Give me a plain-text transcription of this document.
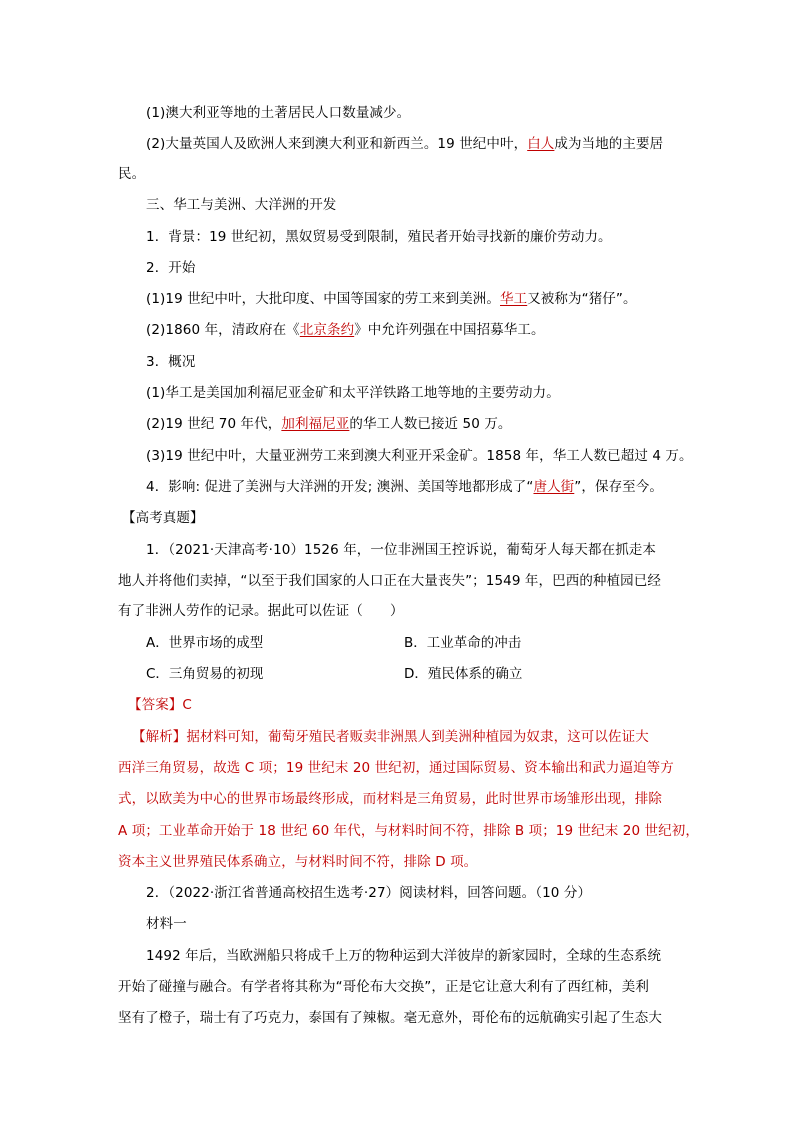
(1)澳大利亚等地的土著居民人口数量减少。
(2)大量英国人及欧洲人来到澳大利亚和新西兰。19 世纪中叶，白人成为当地的主要居
民。
三、华工与美洲、大洋洲的开发
1．背景：19 世纪初，黑奴贸易受到限制，殖民者开始寻找新的廉价劳动力。
2．开始
(1)19 世纪中叶，大批印度、中国等国家的劳工来到美洲。华工又被称为“猪仔”。
(2)1860 年，清政府在《北京条约》中允许列强在中国招募华工。
3．概况
(1)华工是美国加利福尼亚金矿和太平洋铁路工地等地的主要劳动力。
(2)19 世纪 70 年代，加利福尼亚的华工人数已接近 50 万。
(3)19 世纪中叶，大量亚洲劳工来到澳大利亚开采金矿。1858 年，华工人数已超过 4 万。
4．影响: 促进了美洲与大洋洲的开发; 澳洲、美国等地都形成了“唐人街”，保存至今。
【高考真题】
1．（2021·天津高考·10）1526 年，一位非洲国王控诉说，葡萄牙人每天都在抓走本
地人并将他们卖掉，“以至于我们国家的人口正在大量丧失”；1549 年，巴西的种植园已经
有了非洲人劳作的记录。据此可以佐证（　　）
A．世界市场的成型	B．工业革命的冲击
C．三角贸易的初现	D．殖民体系的确立
【答案】C
【解析】据材料可知，葡萄牙殖民者贩卖非洲黑人到美洲种植园为奴隶，这可以佐证大
西洋三角贸易，故选 C 项；19 世纪末 20 世纪初，通过国际贸易、资本输出和武力逼迫等方
式，以欧美为中心的世界市场最终形成，而材料是三角贸易，此时世界市场雏形出现，排除
A 项；工业革命开始于 18 世纪 60 年代，与材料时间不符，排除 B 项；19 世纪末 20 世纪初，
资本主义世界殖民体系确立，与材料时间不符，排除 D 项。
2．（2022·浙江省普通高校招生选考·27）阅读材料，回答问题。（10 分）
材料一
1492 年后，当欧洲船只将成千上万的物种运到大洋彼岸的新家园时，全球的生态系统
开始了碰撞与融合。有学者将其称为“哥伦布大交换”，正是它让意大利有了西红柿，美利
坚有了橙子，瑞士有了巧克力，泰国有了辣椒。毫无意外，哥伦布的远航确实引起了生态大
